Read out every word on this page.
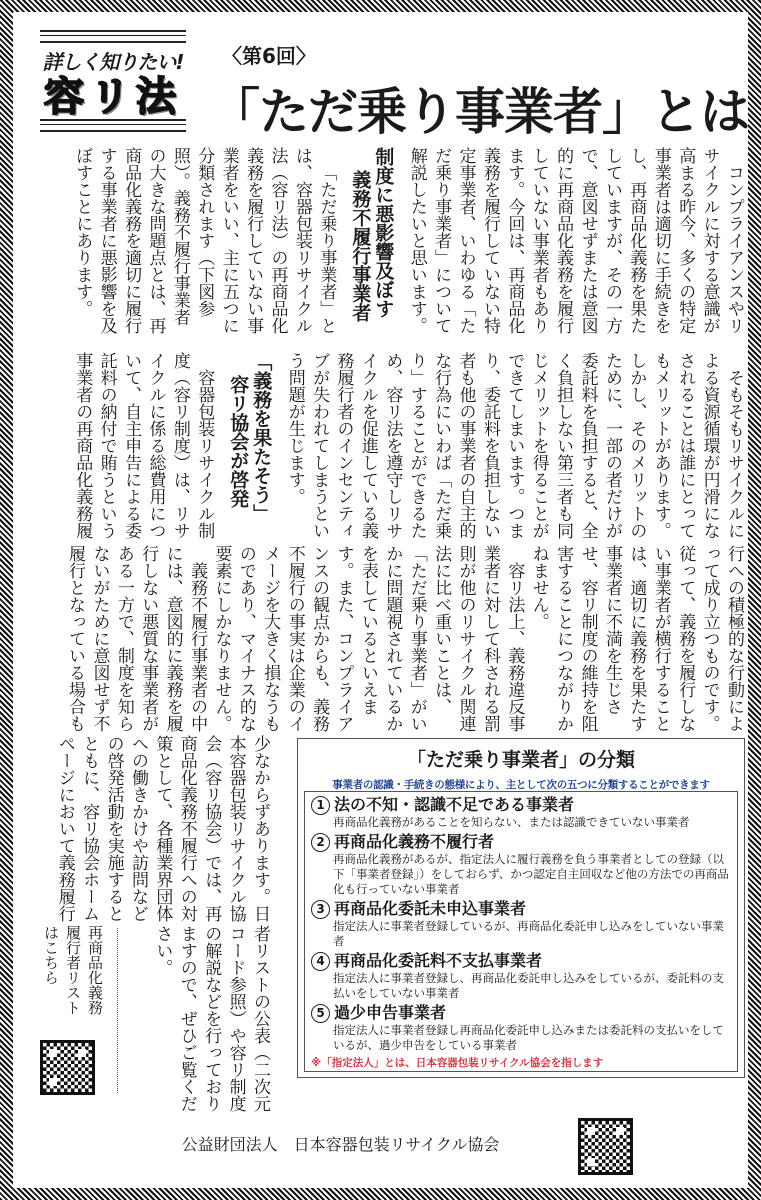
詳しく知りたい!
容リ法
〈第6回〉
「ただ乗り事業者」とは

コンプライアンスやリサイクルに対する意識が高まる昨今、多くの特定事業者は適切に手続きをし、再商品化義務を果たしていますが、その一方で、意図せずまたは意図的に再商品化義務を履行していない事業者もあります。今回は、再商品化義務を履行していない特定事業者、いわゆる「ただ乗り事業者」について解説したいと思います。

制度に悪影響及ぼす
義務不履行事業者

「ただ乗り事業者」とは、容器包装リサイクル法（容リ法）の再商品化義務を履行していない事業者をいい、主に五つに分類されます（下図参照）。義務不履行事業者の大きな問題点とは、再商品化義務を適切に履行する事業者に悪影響を及ぼすことにあります。

そもそもリサイクルによる資源循環が円滑になされることは誰にとってもメリットがあります。しかし、そのメリットのために、一部の者だけが委託料を負担すると、全く負担しない第三者も同じメリットを得ることができてしまいます。つまり、委託料を負担しない者も他の事業者の自主的な行為にいわば「ただ乗り」することができるため、容リ法を遵守しリサイクルを促進している義務履行者のインセンティブが失われてしまうという問題が生じます。

「義務を果たそう」
容リ協会が啓発

容器包装リサイクル制度（容リ制度）は、リサイクルに係る総費用について、自主申告による委託料の納付で賄うという事業者の再商品化義務履

行への積極的な行動によって成り立つものです。従って、義務を履行しない事業者が横行することは、適切に義務を果たす事業者に不満を生じさせ、容リ制度の維持を阻害することにつながりかねません。

容リ法上、義務違反事業者に対して科される罰則が他のリサイクル関連法に比べ重いことは、「ただ乗り事業者」がいかに問題視されているかを表しているといえます。また、コンプライアンスの観点からも、義務不履行の事実は企業のイメージを大きく損なうものであり、マイナス的な要素にしかなりません。

義務不履行事業者の中には、意図的に義務を履行しない悪質な事業者がある一方で、制度を知らないがために意図せず不履行となっている場合も

少なからずあります。日本容器包装リサイクル協会（容リ協会）では、再商品化義務不履行への対策として、各種業界団体への働きかけや訪問などの啓発活動を実施するとともに、容リ協会ホームページにおいて義務履行

者リストの公表（二次元コード参照）や容リ制度の解説などを行っておりますので、ぜひご覧ください。

再商品化義務
履行者リスト
はこちら
「ただ乗り事業者」の分類
事業者の認識・手続きの態様により、主として次の五つに分類することができます
1 法の不知・認識不足である事業者
再商品化義務があることを知らない、または認識できていない事業者
2 再商品化義務不履行者
再商品化義務があるが、指定法人に履行義務を負う事業者としての登録（以下「事業者登録」）をしておらず、かつ認定自主回収など他の方法での再商品化も行っていない事業者
3 再商品化委託未申込事業者
指定法人に事業者登録しているが、再商品化委託申し込みをしていない事業者
4 再商品化委託料不支払事業者
指定法人に事業者登録し、再商品化委託申し込みをしているが、委託料の支払いをしていない事業者
5 過少申告事業者
指定法人に事業者登録し再商品化委託申し込みまたは委託料の支払いをしているが、過少申告をしている事業者
※「指定法人」とは、日本容器包装リサイクル協会を指します
公益財団法人　日本容器包装リサイクル協会
